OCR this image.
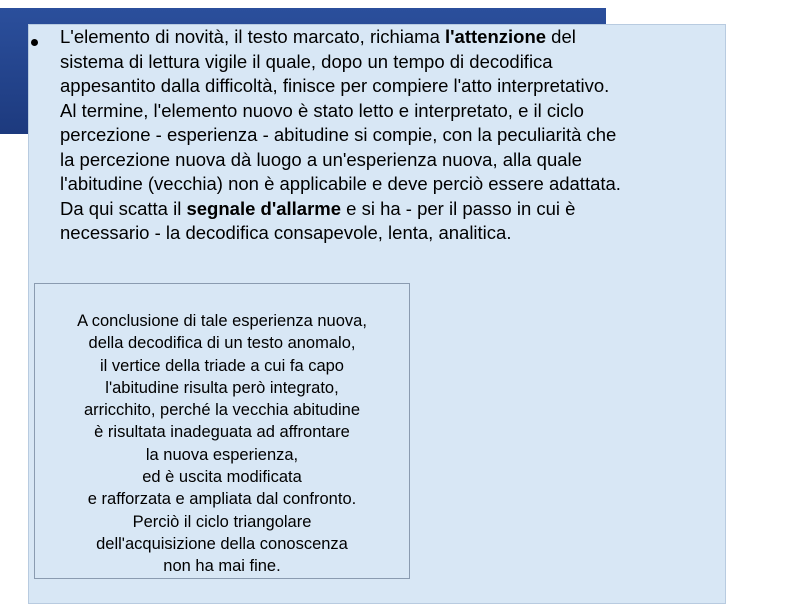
L'elemento di novità, il testo marcato, richiama l'attenzione del
sistema di lettura vigile il quale, dopo un tempo di decodifica
appesantito dalla difficoltà, finisce per compiere l'atto interpretativo.
Al termine, l'elemento nuovo è stato letto e interpretato, e il ciclo
percezione - esperienza - abitudine si compie, con la peculiarità che
la percezione nuova dà luogo a un'esperienza nuova, alla quale
l'abitudine (vecchia) non è applicabile e deve perciò essere adattata.
Da qui scatta il segnale d'allarme e si ha - per il passo in cui è
necessario - la decodifica consapevole, lenta, analitica.
A conclusione di tale esperienza nuova,
della decodifica di un testo anomalo,
il vertice della triade a cui fa capo
l'abitudine risulta però integrato,
arricchito, perché la vecchia abitudine
è risultata inadeguata ad affrontare
la nuova esperienza,
ed è uscita modificata
e rafforzata e ampliata dal confronto.
Perciò il ciclo triangolare
dell'acquisizione della conoscenza
non ha mai fine.
